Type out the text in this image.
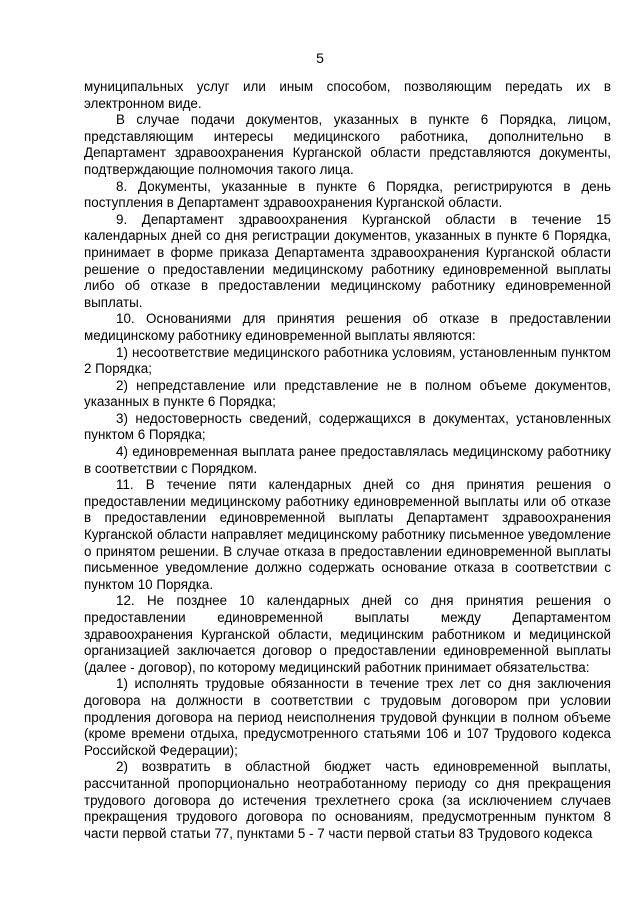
5

муниципальных услуг или иным способом, позволяющим передать их в электронном виде.

В случае подачи документов, указанных в пункте 6 Порядка, лицом, представляющим интересы медицинского работника, дополнительно в Департамент здравоохранения Курганской области представляются документы, подтверждающие полномочия такого лица.

8. Документы, указанные в пункте 6 Порядка, регистрируются в день поступления в Департамент здравоохранения Курганской области.

9. Департамент здравоохранения Курганской области в течение 15 календарных дней со дня регистрации документов, указанных в пункте 6 Порядка, принимает в форме приказа Департамента здравоохранения Курганской области решение о предоставлении медицинскому работнику единовременной выплаты либо об отказе в предоставлении медицинскому работнику единовременной выплаты.

10. Основаниями для принятия решения об отказе в предоставлении медицинскому работнику единовременной выплаты являются:

1) несоответствие медицинского работника условиям, установленным пунктом 2 Порядка;

2) непредставление или представление не в полном объеме документов, указанных в пункте 6 Порядка;

3) недостоверность сведений, содержащихся в документах, установленных пунктом 6 Порядка;

4) единовременная выплата ранее предоставлялась медицинскому работнику в соответствии с Порядком.

11. В течение пяти календарных дней со дня принятия решения о предоставлении медицинскому работнику единовременной выплаты или об отказе в предоставлении единовременной выплаты Департамент здравоохранения Курганской области направляет медицинскому работнику письменное уведомление о принятом решении. В случае отказа в предоставлении единовременной выплаты письменное уведомление должно содержать основание отказа в соответствии с пунктом 10 Порядка.

12. Не позднее 10 календарных дней со дня принятия решения о предоставлении единовременной выплаты между Департаментом здравоохранения Курганской области, медицинским работником и медицинской организацией заключается договор о предоставлении единовременной выплаты (далее - договор), по которому медицинский работник принимает обязательства:

1) исполнять трудовые обязанности в течение трех лет со дня заключения договора на должности в соответствии с трудовым договором при условии продления договора на период неисполнения трудовой функции в полном объеме (кроме времени отдыха, предусмотренного статьями 106 и 107 Трудового кодекса Российской Федерации);

2) возвратить в областной бюджет часть единовременной выплаты, рассчитанной пропорционально неотработанному периоду со дня прекращения трудового договора до истечения трехлетнего срока (за исключением случаев прекращения трудового договора по основаниям, предусмотренным пунктом 8 части первой статьи 77, пунктами 5 - 7 части первой статьи 83 Трудового кодекса
